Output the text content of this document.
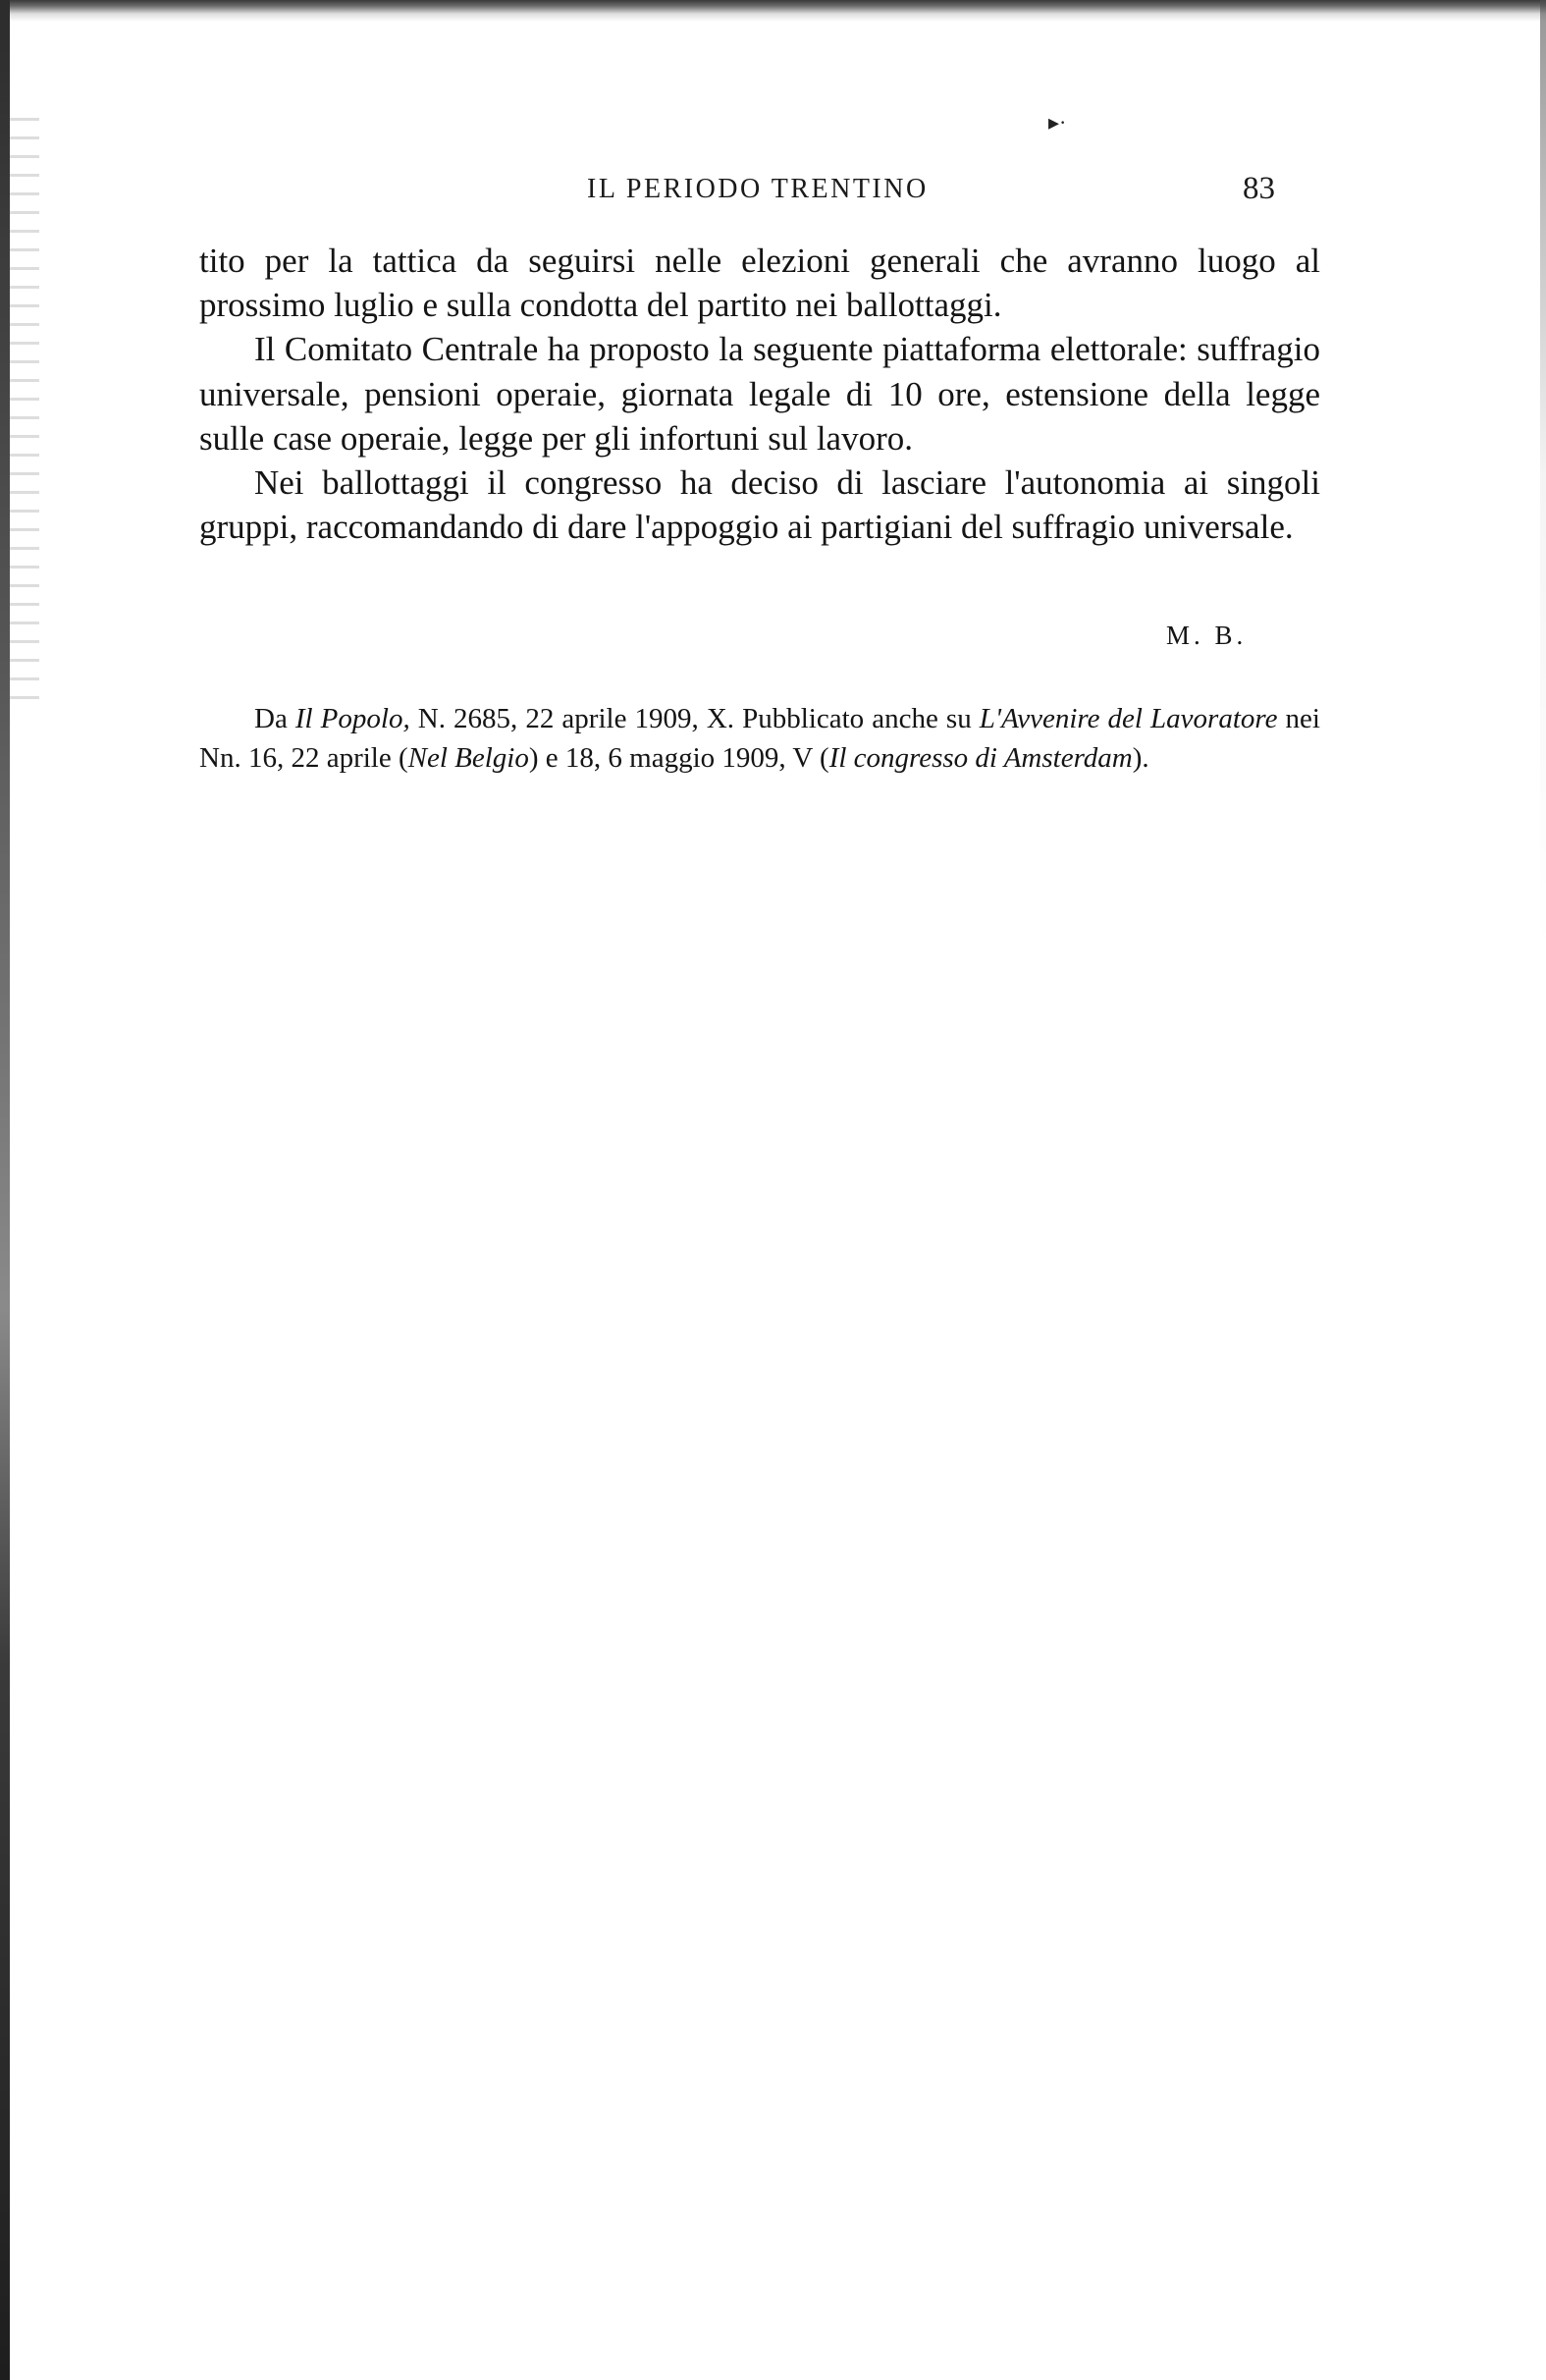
▸·
IL PERIODO TRENTINO	83

tito per la tattica da seguirsi nelle elezioni generali che avranno luogo al prossimo luglio e sulla condotta del partito nei ballottaggi.

Il Comitato Centrale ha proposto la seguente piattaforma elettorale: suffragio universale, pensioni operaie, giornata legale di 10 ore, estensione della legge sulle case operaie, legge per gli infortuni sul lavoro.

Nei ballottaggi il congresso ha deciso di lasciare l'autonomia ai singoli gruppi, raccomandando di dare l'appoggio ai partigiani del suffragio universale.

M. B.

Da Il Popolo, N. 2685, 22 aprile 1909, X. Pubblicato anche su L'Avvenire del Lavoratore nei Nn. 16, 22 aprile (Nel Belgio) e 18, 6 maggio 1909, V (Il congresso di Amsterdam).
